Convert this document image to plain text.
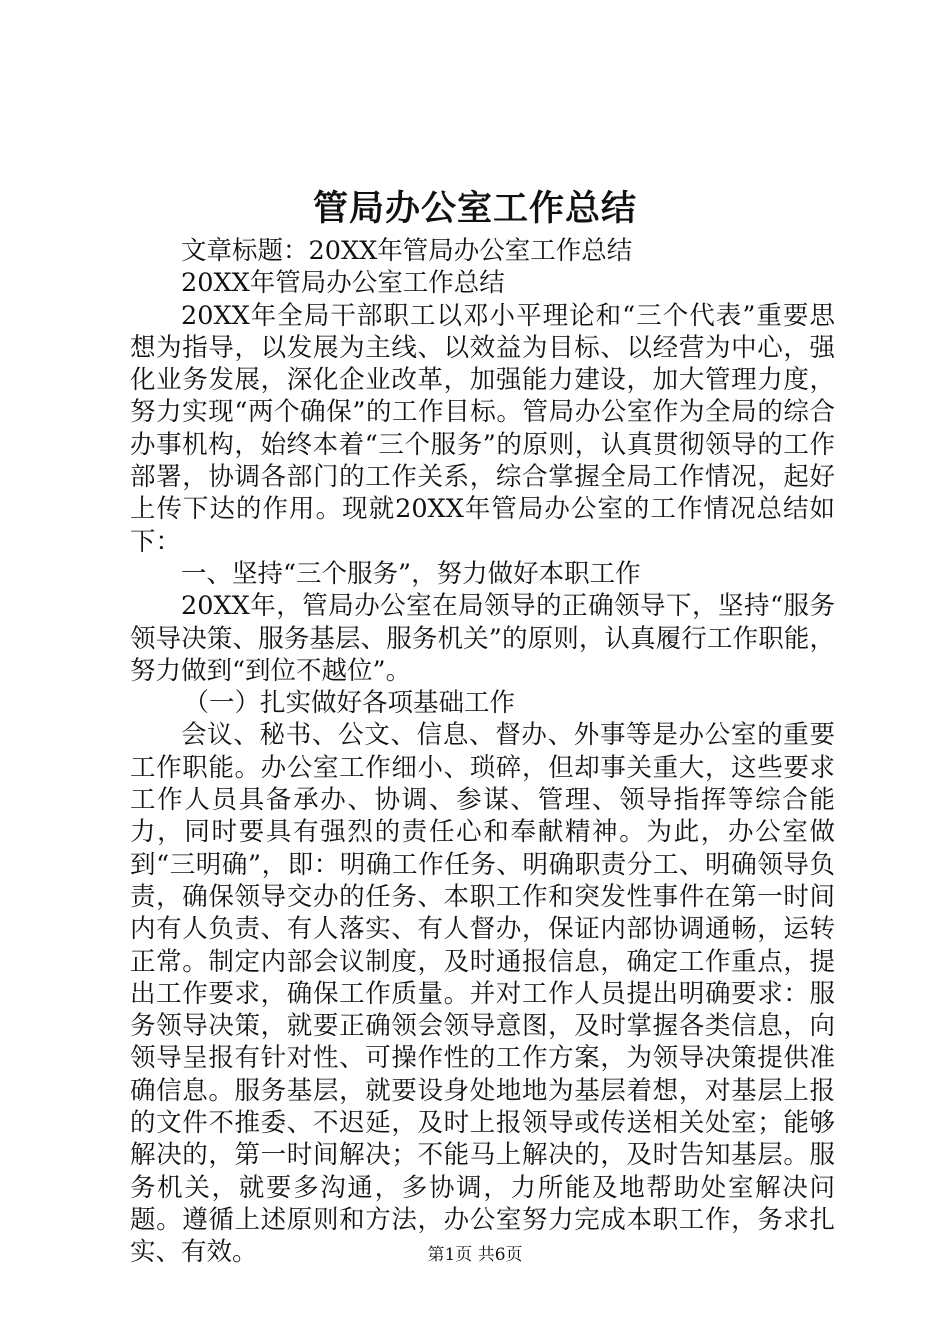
管局办公室工作总结

文章标题：20XX年管局办公室工作总结

20XX年管局办公室工作总结

20XX年全局干部职工以邓小平理论和“三个代表”重要思想为指导，以发展为主线、以效益为目标、以经营为中心，强化业务发展，深化企业改革，加强能力建设，加大管理力度，努力实现“两个确保”的工作目标。管局办公室作为全局的综合办事机构，始终本着“三个服务”的原则，认真贯彻领导的工作部署，协调各部门的工作关系，综合掌握全局工作情况，起好上传下达的作用。现就20XX年管局办公室的工作情况总结如下：

一、坚持“三个服务”，努力做好本职工作

20XX年，管局办公室在局领导的正确领导下，坚持“服务领导决策、服务基层、服务机关”的原则，认真履行工作职能，努力做到“到位不越位”。

（一）扎实做好各项基础工作

会议、秘书、公文、信息、督办、外事等是办公室的重要工作职能。办公室工作细小、琐碎，但却事关重大，这些要求工作人员具备承办、协调、参谋、管理、领导指挥等综合能力，同时要具有强烈的责任心和奉献精神。为此，办公室做到“三明确”，即：明确工作任务、明确职责分工、明确领导负责，确保领导交办的任务、本职工作和突发性事件在第一时间内有人负责、有人落实、有人督办，保证内部协调通畅，运转正常。制定内部会议制度，及时通报信息，确定工作重点，提出工作要求，确保工作质量。并对工作人员提出明确要求：服务领导决策，就要正确领会领导意图，及时掌握各类信息，向领导呈报有针对性、可操作性的工作方案，为领导决策提供准确信息。服务基层，就要设身处地地为基层着想，对基层上报的文件不推委、不迟延，及时上报领导或传送相关处室；能够解决的，第一时间解决；不能马上解决的，及时告知基层。服务机关，就要多沟通，多协调，力所能及地帮助处室解决问题。遵循上述原则和方法，办公室努力完成本职工作，务求扎实、有效。	第1页 共6页
